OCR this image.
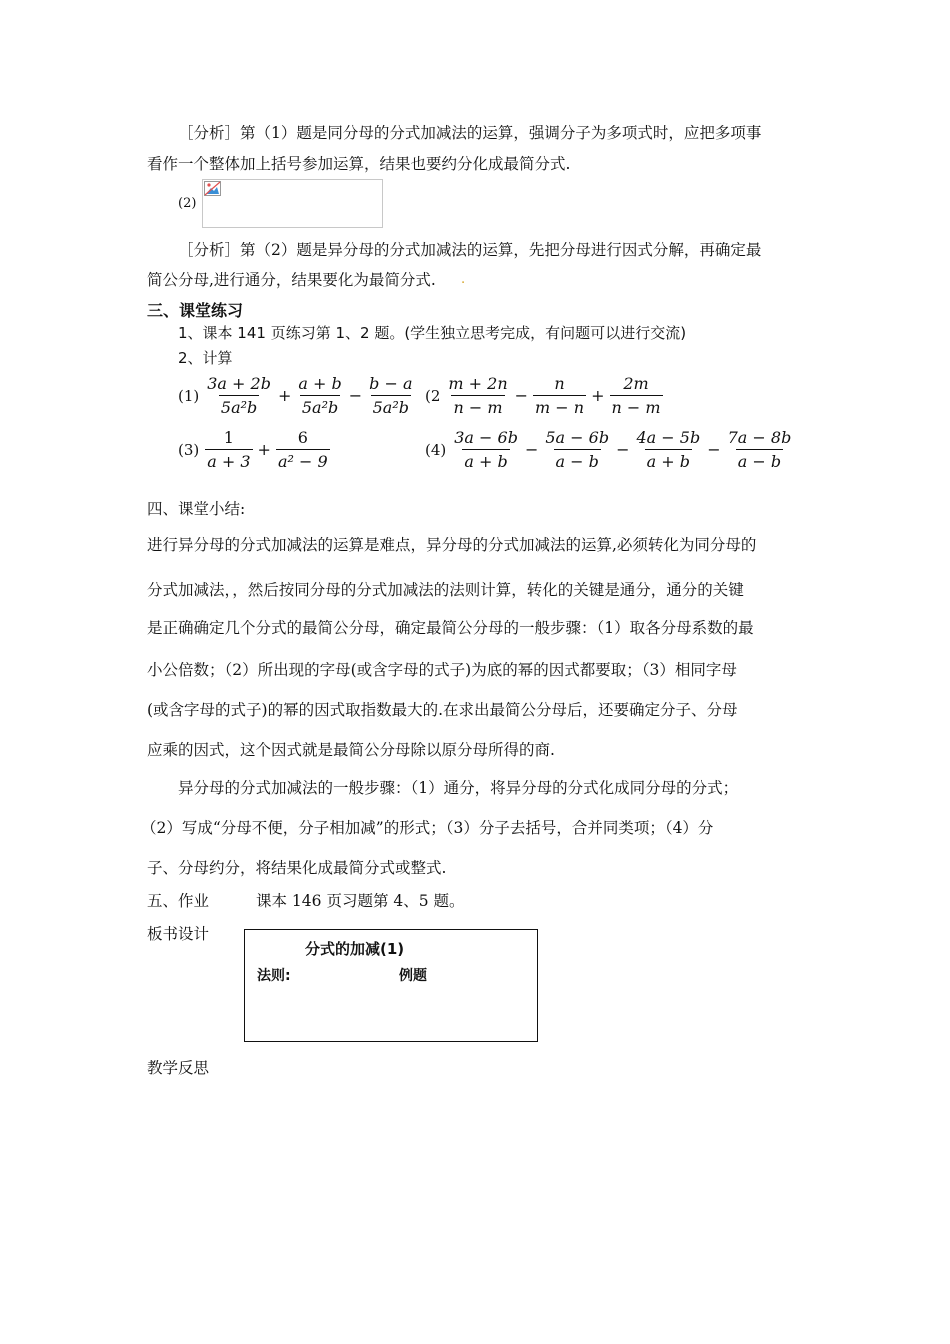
［分析］第（1）题是同分母的分式加减法的运算，强调分子为多项式时，应把多项事
看作一个整体加上括号参加运算，结果也要约分化成最简分式.
(2)
［分析］第（2）题是异分母的分式加减法的运算，先把分母进行因式分解，再确定最
简公分母,进行通分，结果要化为最简分式. .
三、课堂练习
1、课本 141 页练习第 1、2 题。(学生独立思考完成，有问题可以进行交流)
2、计算
$(1) \frac{3a + 2b}{\text{5a²b}} + \frac{a + b}{\text{5a²b}} - \frac{b - a}{\text{5a²b}} (2 \frac{m + 2n}{n - m} - \frac{n}{m - n} + \frac{2m}{n - m}$
$(3) \frac{1}{a + 3} + \frac{6}{\text{a² − 9}}$	$(4) \frac{3a - 6b}{a + b} - \frac{5a - 6b}{a - b} - \frac{4a - 5b}{a + b} - \frac{7a - 8b}{a - b}$
四、课堂小结:
进行异分母的分式加减法的运算是难点，异分母的分式加减法的运算,必须转化为同分母的
分式加减法，，然后按同分母的分式加减法的法则计算，转化的关键是通分，通分的关键
是正确确定几个分式的最简公分母，确定最简公分母的一般步骤：（1）取各分母系数的最
小公倍数；（2）所出现的字母(或含字母的式子)为底的幂的因式都要取；（3）相同字母
(或含字母的式子)的幂的因式取指数最大的.在求出最简公分母后，还要确定分子、分母
应乘的因式，这个因式就是最简公分母除以原分母所得的商.
异分母的分式加减法的一般步骤：（1）通分，将异分母的分式化成同分母的分式；
（2）写成“分母不便，分子相加减”的形式；（3）分子去括号，合并同类项；（4）分
子、分母约分，将结果化成最简分式或整式.
五、作业	课本 146 页习题第 4、5 题。
板书设计
分式的加减(1)
法则:	例题
教学反思
